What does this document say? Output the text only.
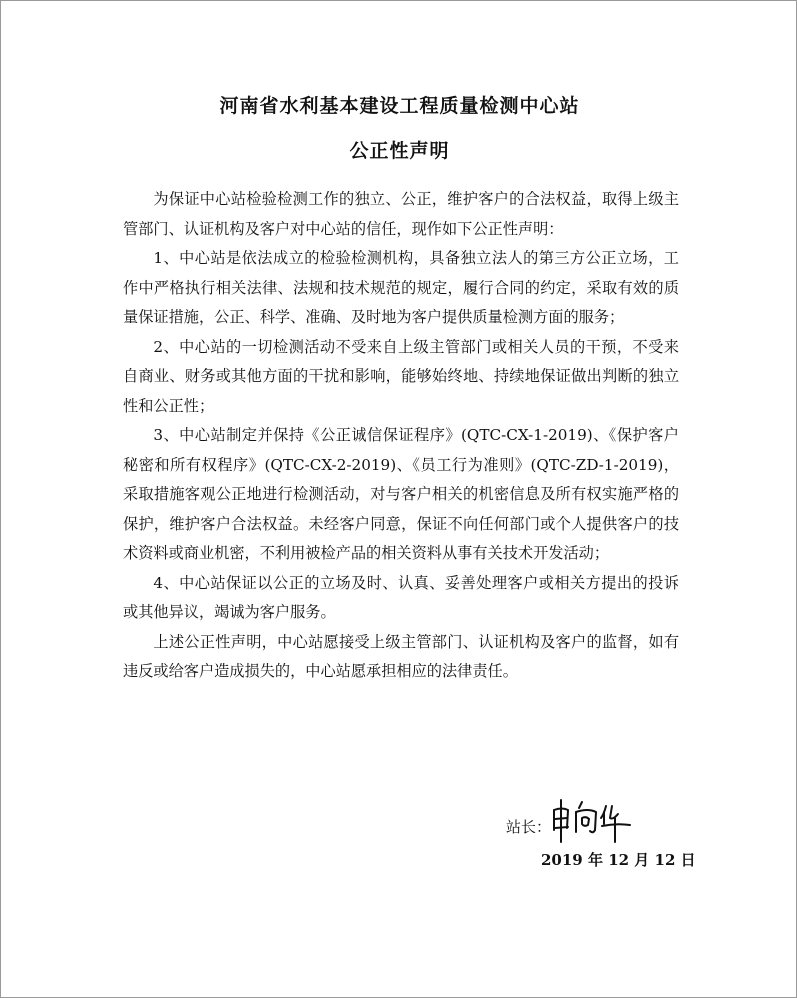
河南省水利基本建设工程质量检测中心站
公正性声明

为保证中心站检验检测工作的独立、公正，维护客户的合法权益，取得上级主管部门、认证机构及客户对中心站的信任，现作如下公正性声明：

1、中心站是依法成立的检验检测机构，具备独立法人的第三方公正立场，工作中严格执行相关法律、法规和技术规范的规定，履行合同的约定，采取有效的质量保证措施，公正、科学、准确、及时地为客户提供质量检测方面的服务；

2、中心站的一切检测活动不受来自上级主管部门或相关人员的干预，不受来自商业、财务或其他方面的干扰和影响，能够始终地、持续地保证做出判断的独立性和公正性；

3、中心站制定并保持《公正诚信保证程序》(QTC-CX-1-2019)、《保护客户秘密和所有权程序》(QTC-CX-2-2019)、《员工行为准则》(QTC-ZD-1-2019)，采取措施客观公正地进行检测活动，对与客户相关的机密信息及所有权实施严格的保护，维护客户合法权益。未经客户同意，保证不向任何部门或个人提供客户的技术资料或商业机密，不利用被检产品的相关资料从事有关技术开发活动；

4、中心站保证以公正的立场及时、认真、妥善处理客户或相关方提出的投诉或其他异议，竭诚为客户服务。

上述公正性声明，中心站愿接受上级主管部门、认证机构及客户的监督，如有违反或给客户造成损失的，中心站愿承担相应的法律责任。

站长：
2019 年 12 月 12 日
